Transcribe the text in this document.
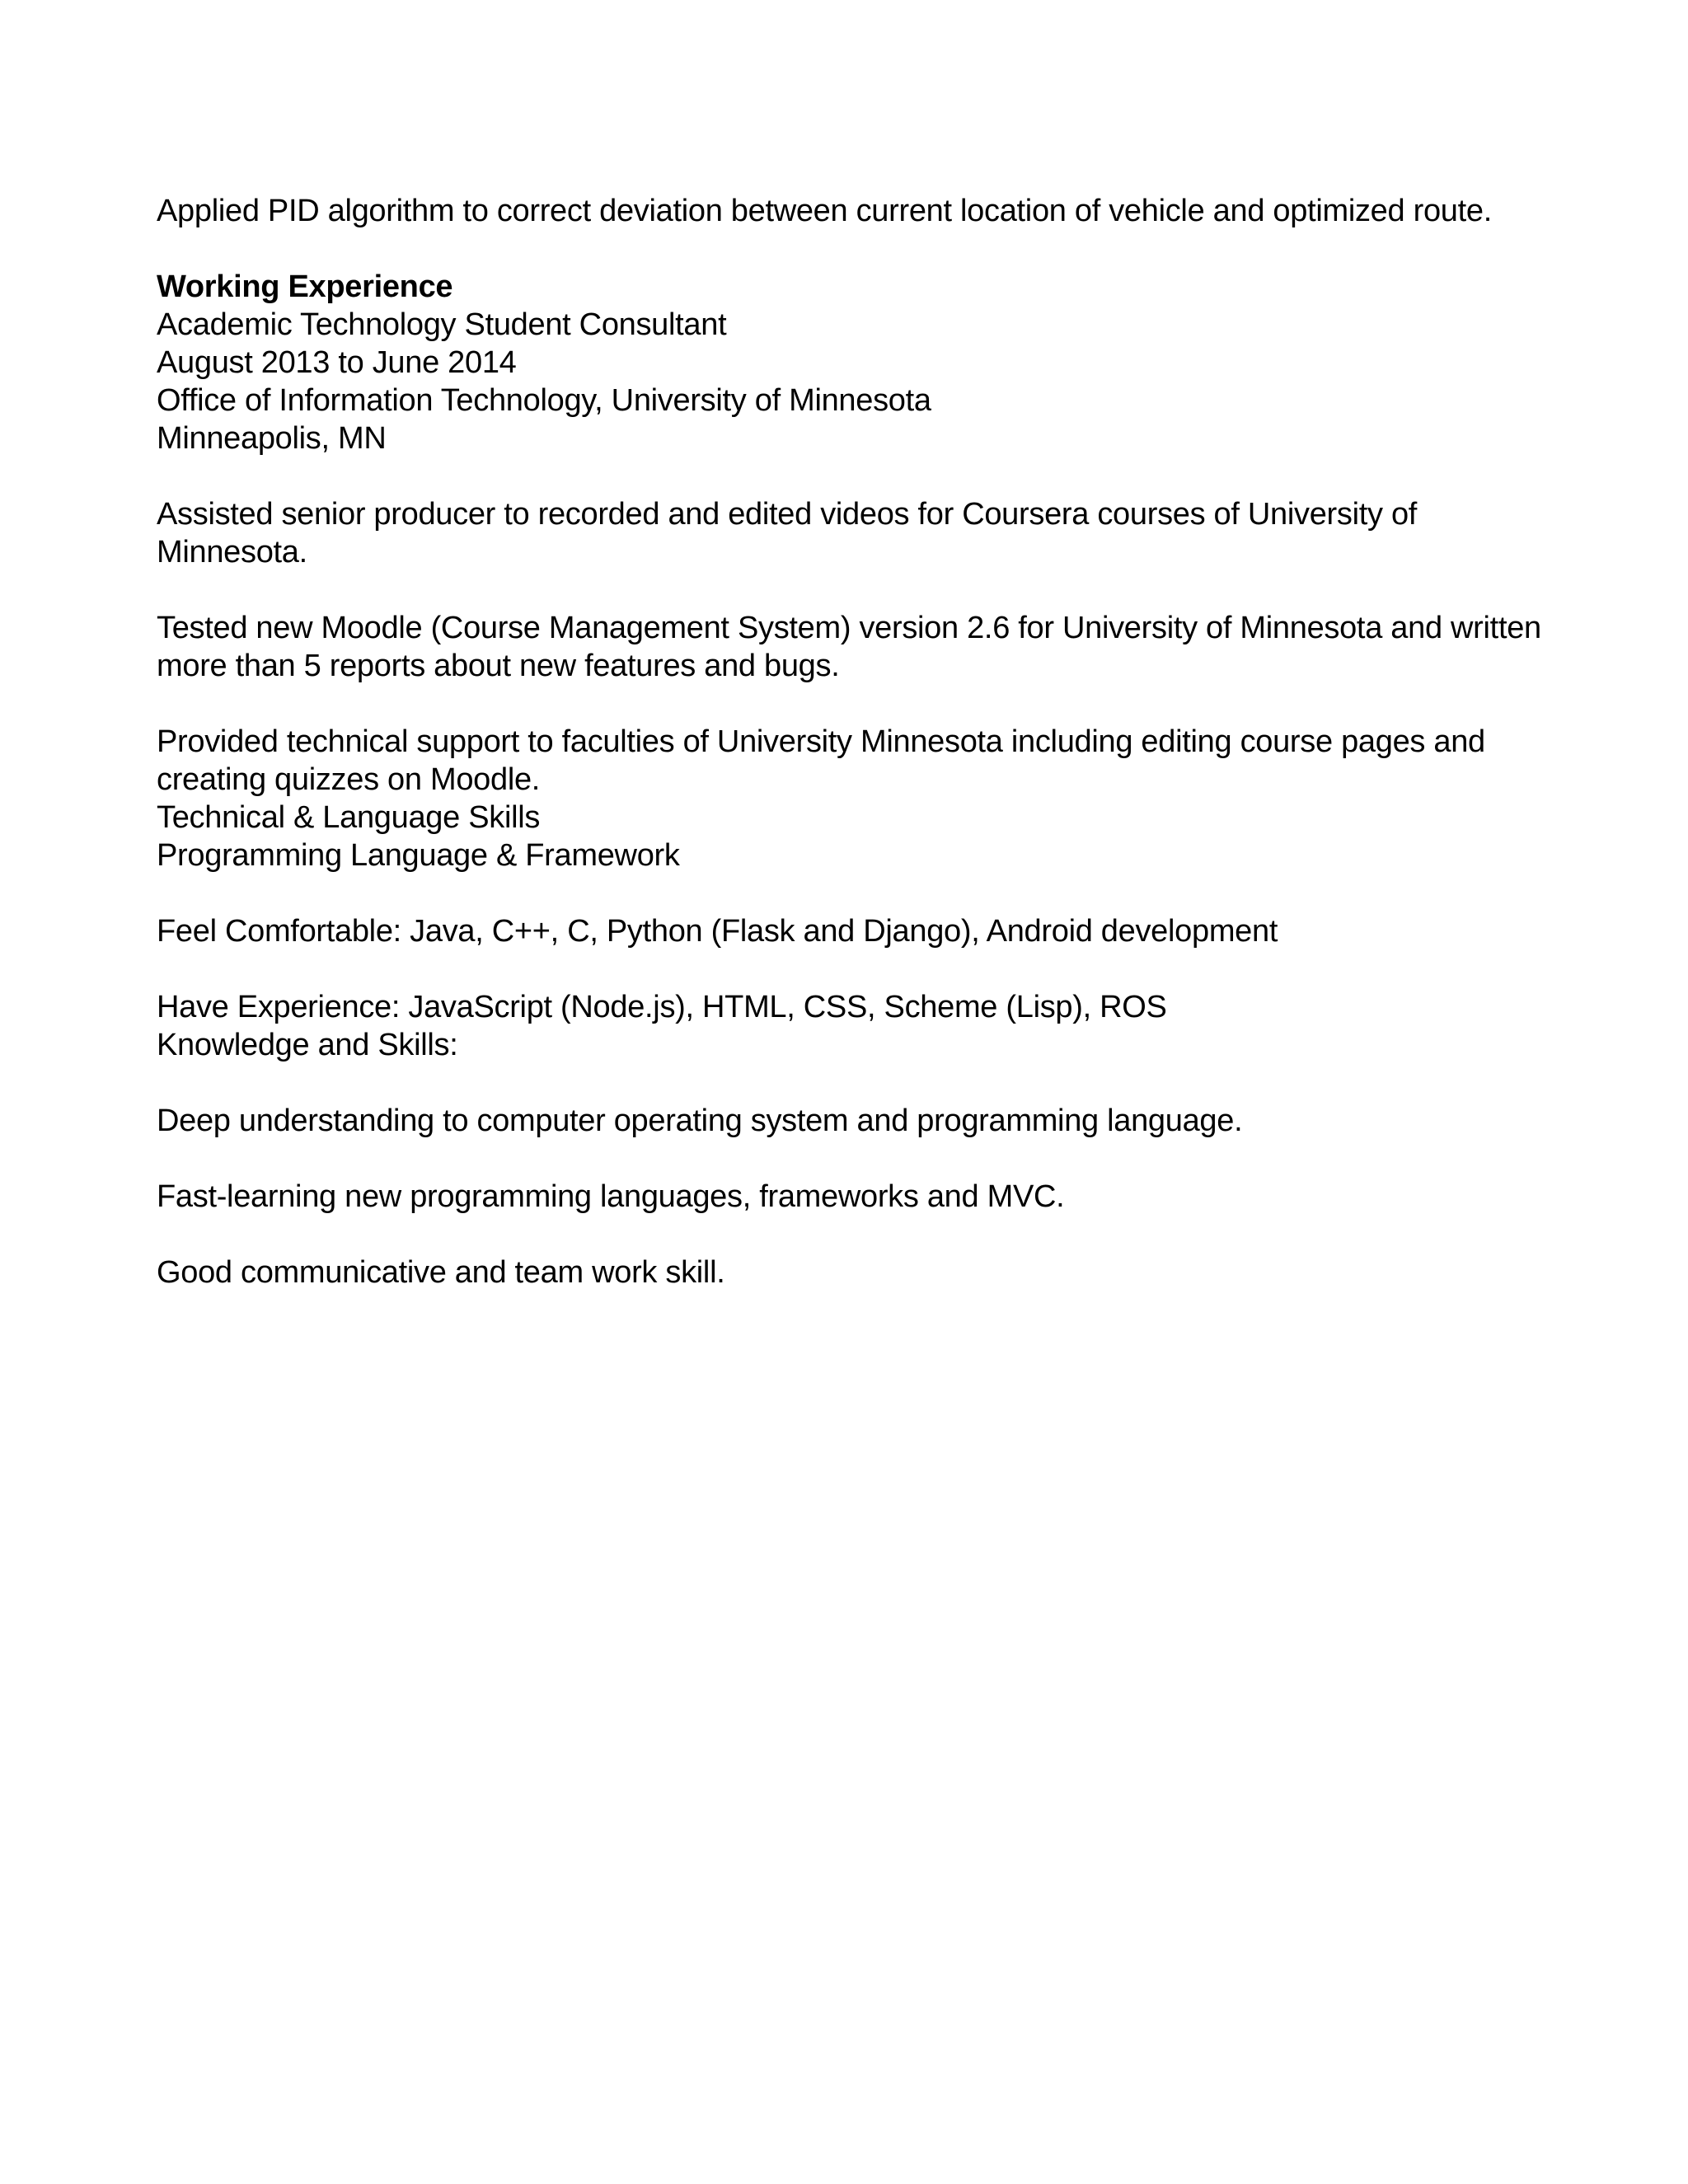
Applied PID algorithm to correct deviation between current location of vehicle and optimized route.

Working Experience

Academic Technology Student Consultant

August 2013 to June 2014

Office of Information Technology, University of Minnesota

Minneapolis, MN

Assisted senior producer to recorded and edited videos for Coursera courses of University of

Minnesota.

Tested new Moodle (Course Management System) version 2.6 for University of Minnesota and written

more than 5 reports about new features and bugs.

Provided technical support to faculties of University Minnesota including editing course pages and

creating quizzes on Moodle.

Technical & Language Skills

Programming Language & Framework

Feel Comfortable: Java, C++, C, Python (Flask and Django), Android development

Have Experience: JavaScript (Node.js), HTML, CSS, Scheme (Lisp), ROS

Knowledge and Skills:

Deep understanding to computer operating system and programming language.

Fast-learning new programming languages, frameworks and MVC.

Good communicative and team work skill.
